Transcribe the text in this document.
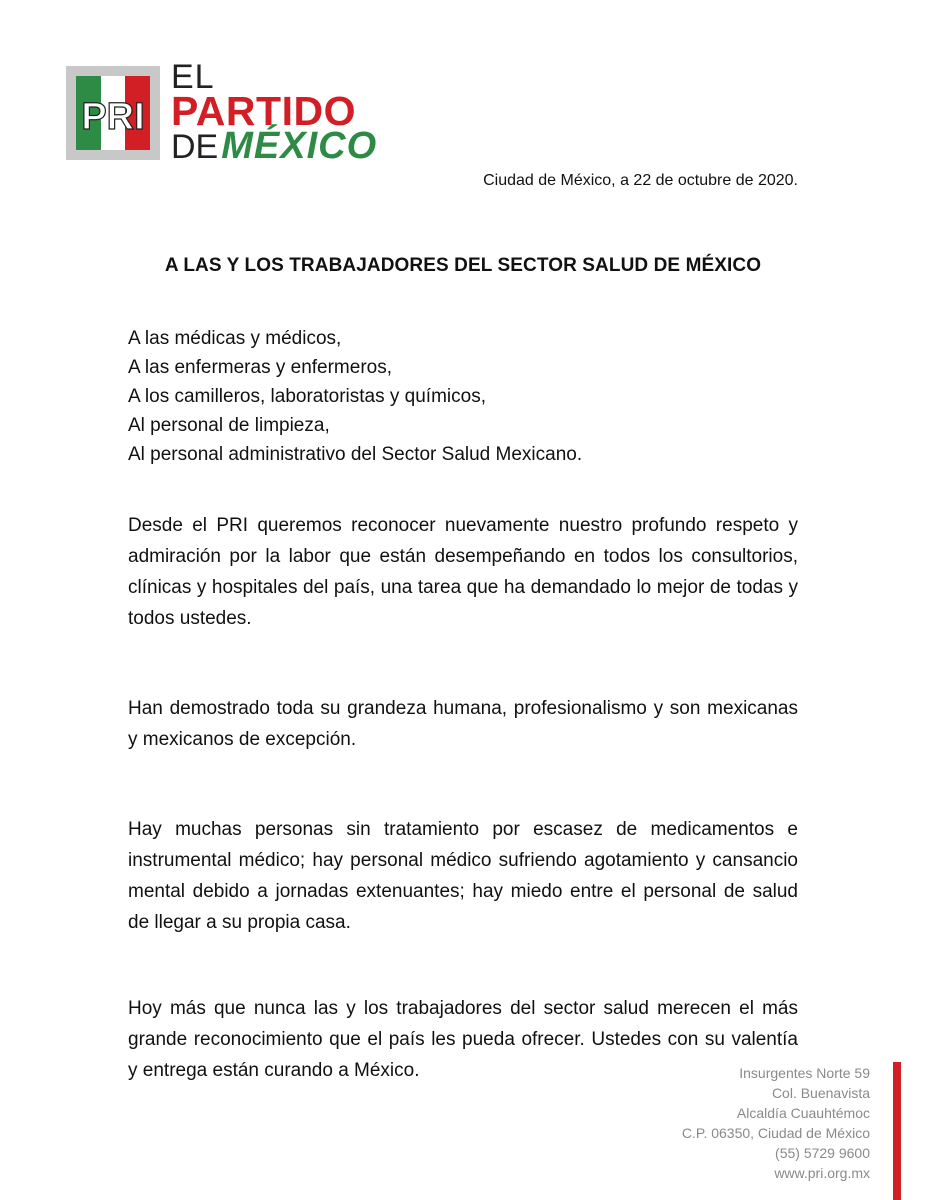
PRI
EL
PARTIDO
DE MÉXICO
Ciudad de México, a 22 de octubre de 2020.
A LAS Y LOS TRABAJADORES DEL SECTOR SALUD DE MÉXICO
A las médicas y médicos,
A las enfermeras y enfermeros,
A los camilleros, laboratoristas y químicos,
Al personal de limpieza,
Al personal administrativo del Sector Salud Mexicano.
Desde el PRI queremos reconocer nuevamente nuestro profundo respeto y admiración por la labor que están desempeñando en todos los consultorios, clínicas y hospitales del país, una tarea que ha demandado lo mejor de todas y todos ustedes.
Han demostrado toda su grandeza humana, profesionalismo y son mexicanas y mexicanos de excepción.
Hay muchas personas sin tratamiento por escasez de medicamentos e instrumental médico; hay personal médico sufriendo agotamiento y cansancio mental debido a jornadas extenuantes; hay miedo entre el personal de salud de llegar a su propia casa.
Hoy más que nunca las y los trabajadores del sector salud merecen el más grande reconocimiento que el país les pueda ofrecer. Ustedes con su valentía y entrega están curando a México.	Insurgentes Norte 59
Col. Buenavista
Alcaldía Cuauhtémoc
C.P. 06350, Ciudad de México
(55) 5729 9600
www.pri.org.mx
